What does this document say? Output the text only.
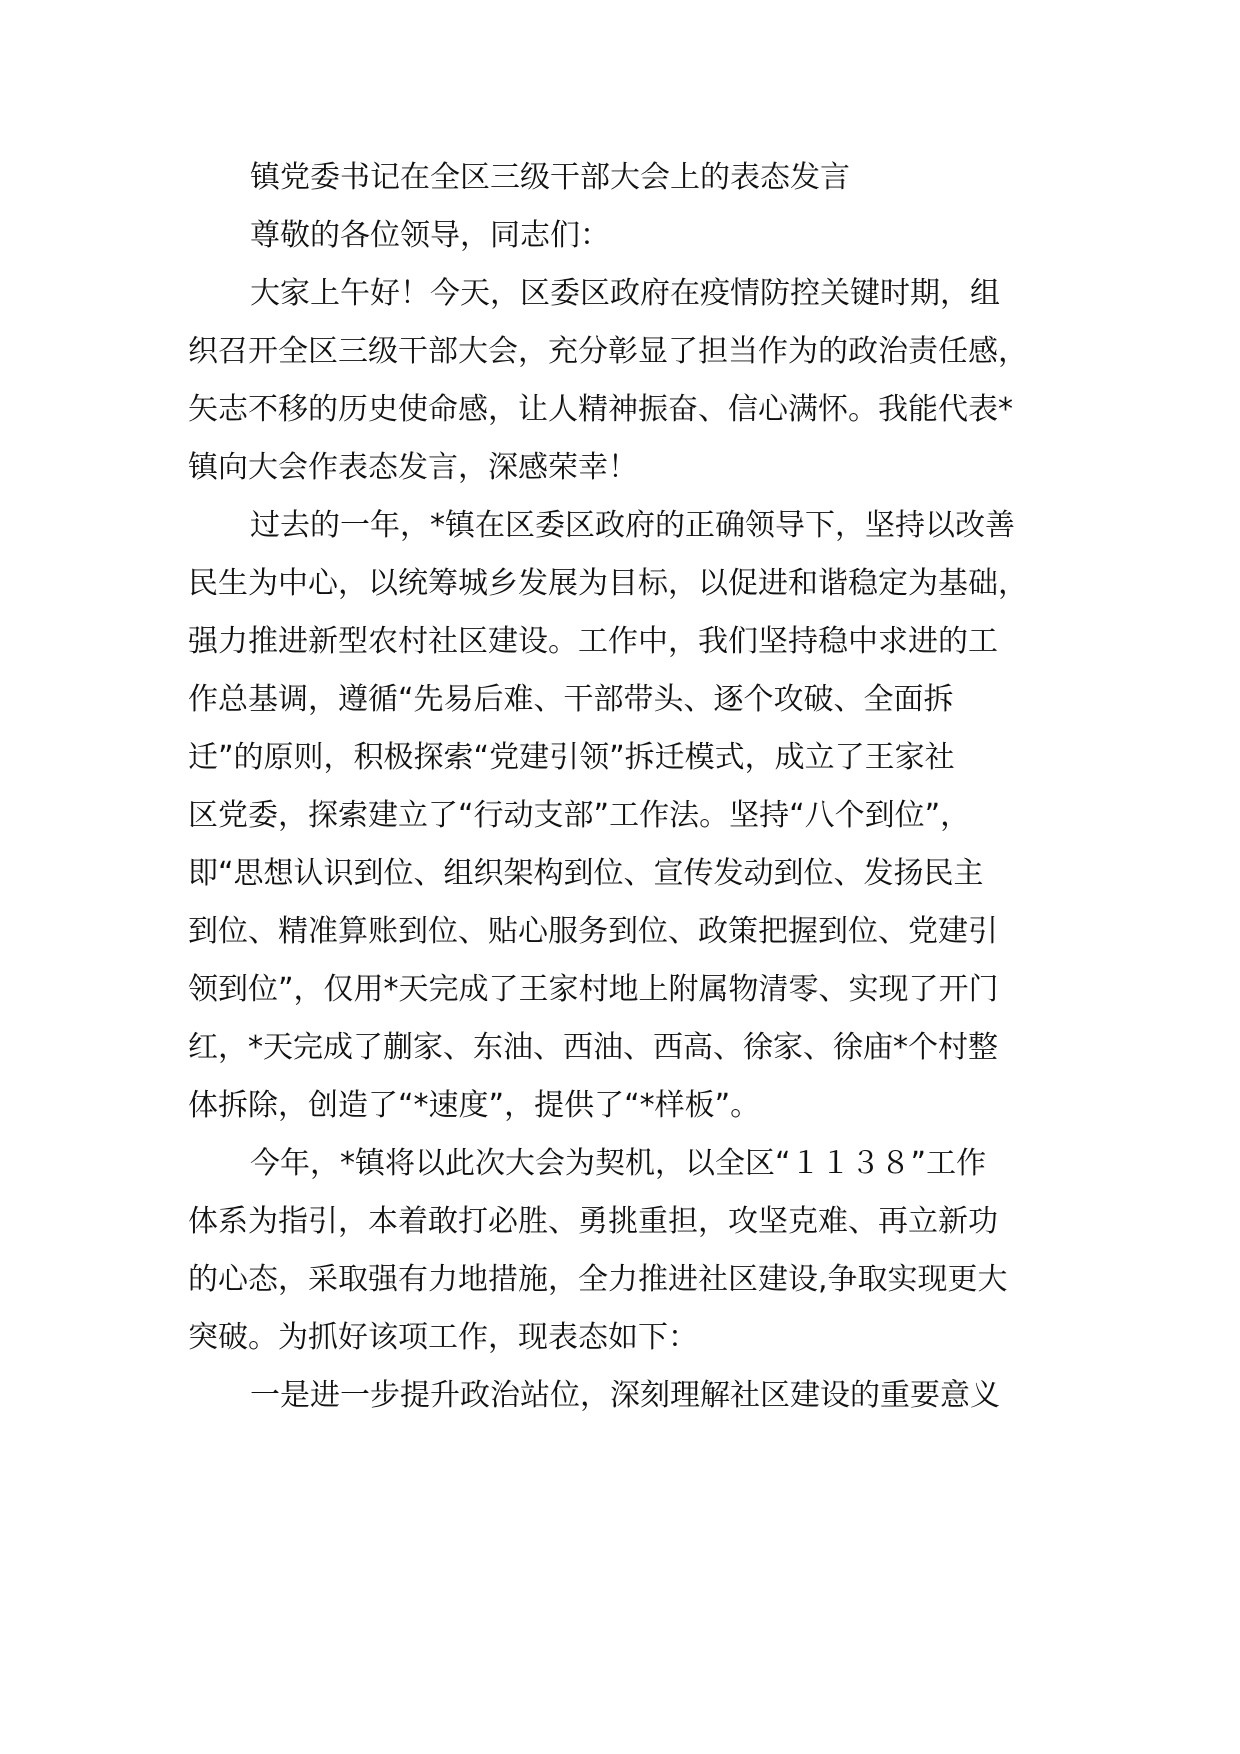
镇党委书记在全区三级干部大会上的表态发言
尊敬的各位领导，同志们：
大家上午好！今天，区委区政府在疫情防控关键时期，组
织召开全区三级干部大会，充分彰显了担当作为的政治责任感，
矢志不移的历史使命感，让人精神振奋、信心满怀。我能代表*
镇向大会作表态发言，深感荣幸！
过去的一年，*镇在区委区政府的正确领导下，坚持以改善
民生为中心，以统筹城乡发展为目标，以促进和谐稳定为基础，
强力推进新型农村社区建设。工作中，我们坚持稳中求进的工
作总基调，遵循“先易后难、干部带头、逐个攻破、全面拆
迁”的原则，积极探索“党建引领”拆迁模式，成立了王家社
区党委，探索建立了“行动支部”工作法。坚持“八个到位”，
即“思想认识到位、组织架构到位、宣传发动到位、发扬民主
到位、精准算账到位、贴心服务到位、政策把握到位、党建引
领到位”，仅用*天完成了王家村地上附属物清零、实现了开门
红，*天完成了蒯家、东油、西油、西高、徐家、徐庙*个村整
体拆除，创造了“*速度”，提供了“*样板”。
今年，*镇将以此次大会为契机，以全区“１１３８”工作
体系为指引，本着敢打必胜、勇挑重担，攻坚克难、再立新功
的心态，采取强有力地措施，全力推进社区建设,争取实现更大
突破。为抓好该项工作，现表态如下：
一是进一步提升政治站位，深刻理解社区建设的重要意义
